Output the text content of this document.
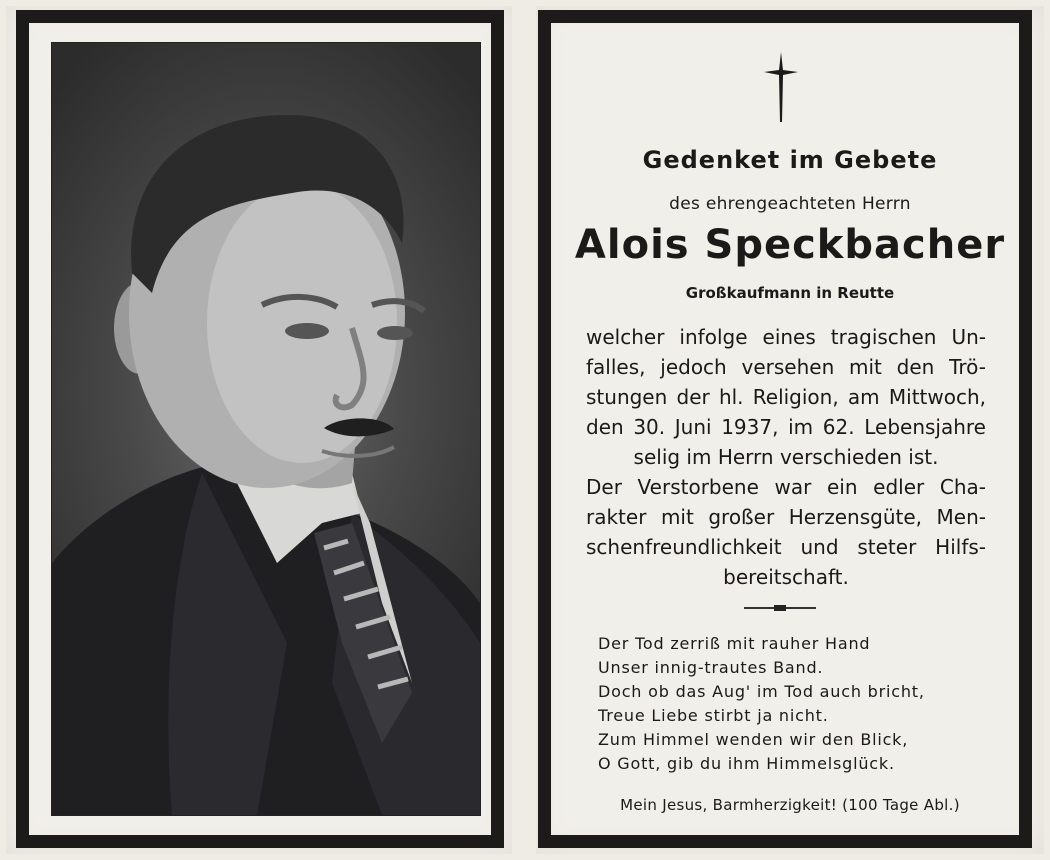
Gedenket im Gebete
des ehrengeachteten Herrn
Alois Speckbacher
Großkaufmann in Reutte
welcher infolge eines tragischen Un-
falles, jedoch versehen mit den Trö-
stungen der hl. Religion, am Mittwoch,
den 30. Juni 1937, im 62. Lebensjahre
selig im Herrn verschieden ist.
Der Verstorbene war ein edler Cha-
rakter mit großer Herzensgüte, Men-
schenfreundlichkeit und steter Hilfs-
bereitschaft.
Der Tod zerriß mit rauher Hand
Unser innig-trautes Band.
Doch ob das Aug' im Tod auch bricht,
Treue Liebe stirbt ja nicht.
Zum Himmel wenden wir den Blick,
O Gott, gib du ihm Himmelsglück.
Mein Jesus, Barmherzigkeit! (100 Tage Abl.)
